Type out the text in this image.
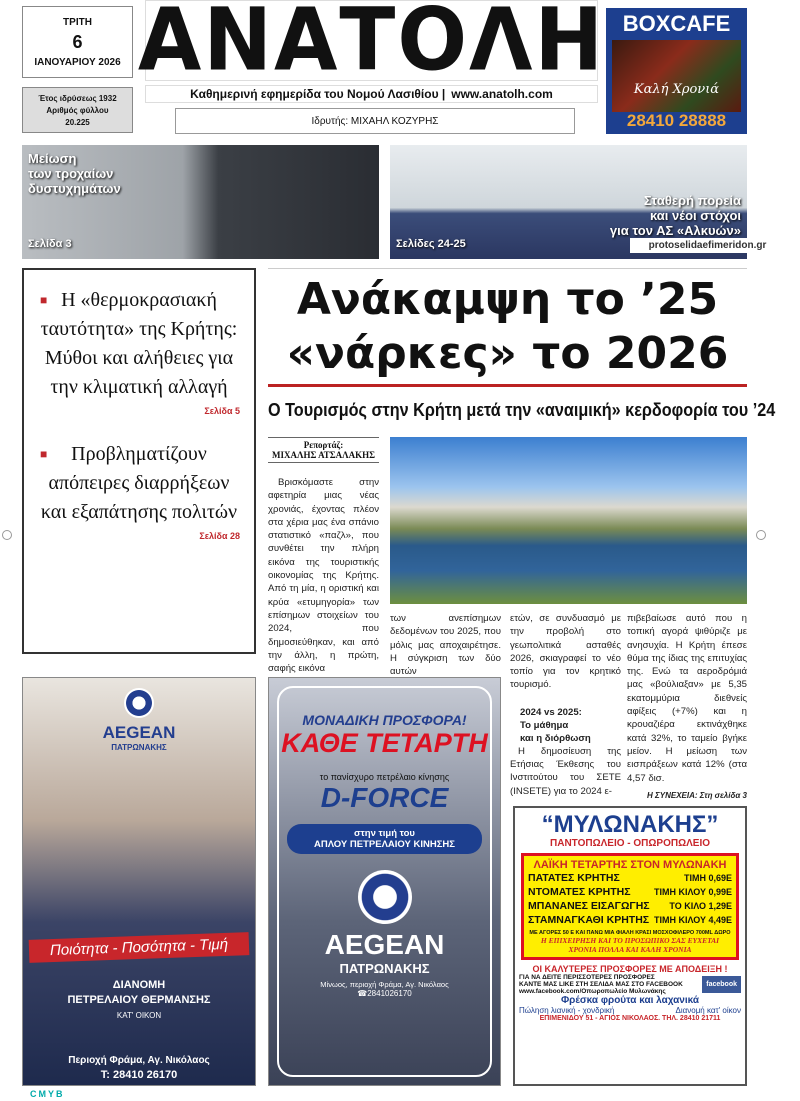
ΤΡΙΤΗ
6
ΙΑΝΟΥΑΡΙΟΥ 2026
Έτος ιδρύσεως 1932
Αριθμός φύλλου
20.225
ΑΝΑΤΟΛΗ
Καθημερινή εφημερίδα του Νομού Λασιθίου | www.anatolh.com
Ιδρυτής: ΜΙΧΑΗΛ ΚΟΖΥΡΗΣ
BOXCAFE
Καλή Χρονιά
28410 28888
Μείωση
των τροχαίων
δυστυχημάτων
Σελίδα 3
Σταθερή πορεία
και νέοι στόχοι
για τον ΑΣ «Αλκυών»
Σελίδες 24-25	protoselidaefimeridon.gr
■ Η «θερμοκρασιακή ταυτότητα» της Κρήτης: Μύθοι και αλήθειες για την κλιματική αλλαγή
Σελίδα 5
■ Προβληματίζουν απόπειρες διαρρήξεων και εξαπάτησης πολιτών
Σελίδα 28
Ανάκαμψη το ’25
«νάρκες» το 2026
Ο Τουρισμός στην Κρήτη μετά την «αναιμική» κερδοφορία του ’24
Ρεπορτάζ:
ΜΙΧΑΛΗΣ ΑΤΣΑΛΑΚΗΣ
Βρισκόμαστε στην αφετηρία μιας νέας χρονιάς, έχοντας πλέον στα χέρια μας ένα σπάνιο στατιστικό «παζλ», που συνθέτει την πλήρη εικόνα της τουριστικής οικονομίας της Κρήτης. Από τη μία, η οριστική και κρύα «ετυμηγορία» των επίσημων στοιχείων του 2024, που δημοσιεύθηκαν, και από την άλλη, η πρώτη, σαφής εικόνα
των ανεπίσημων δεδομένων του 2025, που μόλις μας αποχαιρέτησε. Η σύγκριση των δύο αυτών
ετών, σε συνδυασμό με την προβολή στο γεωπολιτικά ασταθές 2026, σκιαγραφεί το νέο τοπίο για τον κρητικό τουρισμό.
2024 vs 2025:
Το μάθημα
και η διόρθωση
Η δημοσίευση της Ετήσιας Έκθεσης του Ινστιτούτου του ΣΕΤΕ (INSETE) για το 2024 ε-
πιβεβαίωσε αυτό που η τοπική αγορά ψιθύριζε με ανησυχία. Η Κρήτη έπεσε θύμα της ίδιας της επιτυχίας της. Ενώ τα αεροδρόμιά μας «βούλιαξαν» με 5,35 εκατομμύρια διεθνείς αφίξεις (+7%) και η κρουαζιέρα εκτινάχθηκε κατά 32%, το ταμείο βγήκε μείον. Η μείωση των εισπράξεων κατά 12% (στα 4,57 δισ.
Η ΣΥΝΕΧΕΙΑ: Στη σελίδα 3
AEGEAN
ΠΑΤΡΩΝΑΚΗΣ
Ποιότητα - Ποσότητα - Τιμή
ΔΙΑΝΟΜΗ
ΠΕΤΡΕΛΑΙΟΥ ΘΕΡΜΑΝΣΗΣ
ΚΑΤ' ΟΙΚΟΝ
Περιοχή Φράμα, Αγ. Νικόλαος
Τ: 28410 26170
ΜΟΝΑΔΙΚΗ ΠΡΟΣΦΟΡΑ!
ΚΑΘΕ ΤΕΤΑΡΤΗ
το πανίσχυρο πετρέλαιο κίνησης
D-FORCE
στην τιμή του
ΑΠΛΟΥ ΠΕΤΡΕΛΑΙΟΥ ΚΙΝΗΣΗΣ
AEGEAN
ΠΑΤΡΩΝΑΚΗΣ
Μίνωος, περιοχή Φράμα, Αγ. Νικόλαος
☎2841026170
“ΜΥΛΩΝΑΚΗΣ”
ΠΑΝΤΟΠΩΛΕΙΟ - ΟΠΩΡΟΠΩΛΕΙΟ
ΛΑΪΚΗ ΤΕΤΑΡΤΗΣ ΣΤΟΝ ΜΥΛΩΝΑΚΗ
ΠΑΤΑΤΕΣ ΚΡΗΤΗΣ	ΤΙΜΗ 0,69Ε
ΝΤΟΜΑΤΕΣ ΚΡΗΤΗΣ	ΤΙΜΗ ΚΙΛΟΥ 0,99Ε
ΜΠΑΝΑΝΕΣ ΕΙΣΑΓΩΓΗΣ ΤΟ ΚΙΛΟ 1,29Ε
ΣΤΑΜΝΑΓΚΑΘΙ ΚΡΗΤΗΣ ΤΙΜΗ ΚΙΛΟΥ 4,49Ε
ΜΕ ΑΓΟΡΕΣ 50 Ε ΚΑΙ ΠΑΝΩ ΜΙΑ ΦΙΑΛΗ ΚΡΑΣΙ ΜΟΣΧΟΦΙΛΕΡΟ 700ML ΔΩΡΟ
Η ΕΠΙΧΕΙΡΗΣΗ ΚΑΙ ΤΟ ΠΡΟΣΩΠΙΚΟ ΣΑΣ ΕΥΧΕΤΑΙ ΧΡΟΝΙΑ ΠΟΛΛΑ ΚΑΙ ΚΑΛΗ ΧΡΟΝΙΑ
ΟΙ ΚΑΛΥΤΕΡΕΣ ΠΡΟΣΦΟΡΕΣ ΜΕ ΑΠΟΔΕΙΞΗ !
ΓΙΑ ΝΑ ΔΕΙΤΕ ΠΕΡΙΣΣΟΤΕΡΕΣ ΠΡΟΣΦΟΡΕΣ
ΚΑΝΤΕ ΜΑΣ LIKE ΣΤΗ ΣΕΛΙΔΑ ΜΑΣ ΣΤΟ FACEBOOK
www.facebook.com/Οπωροπωλείο Μυλωνάκης
facebook
Φρέσκα φρούτα και λαχανικά
Πώληση λιανική - χονδρική	Διανομή κατ' οίκον
ΕΠΙΜΕΝΙΔΟΥ 51 - ΑΓΙΟΣ ΝΙΚΟΛΑΟΣ. ΤΗΛ. 28410 21711
CMYB
